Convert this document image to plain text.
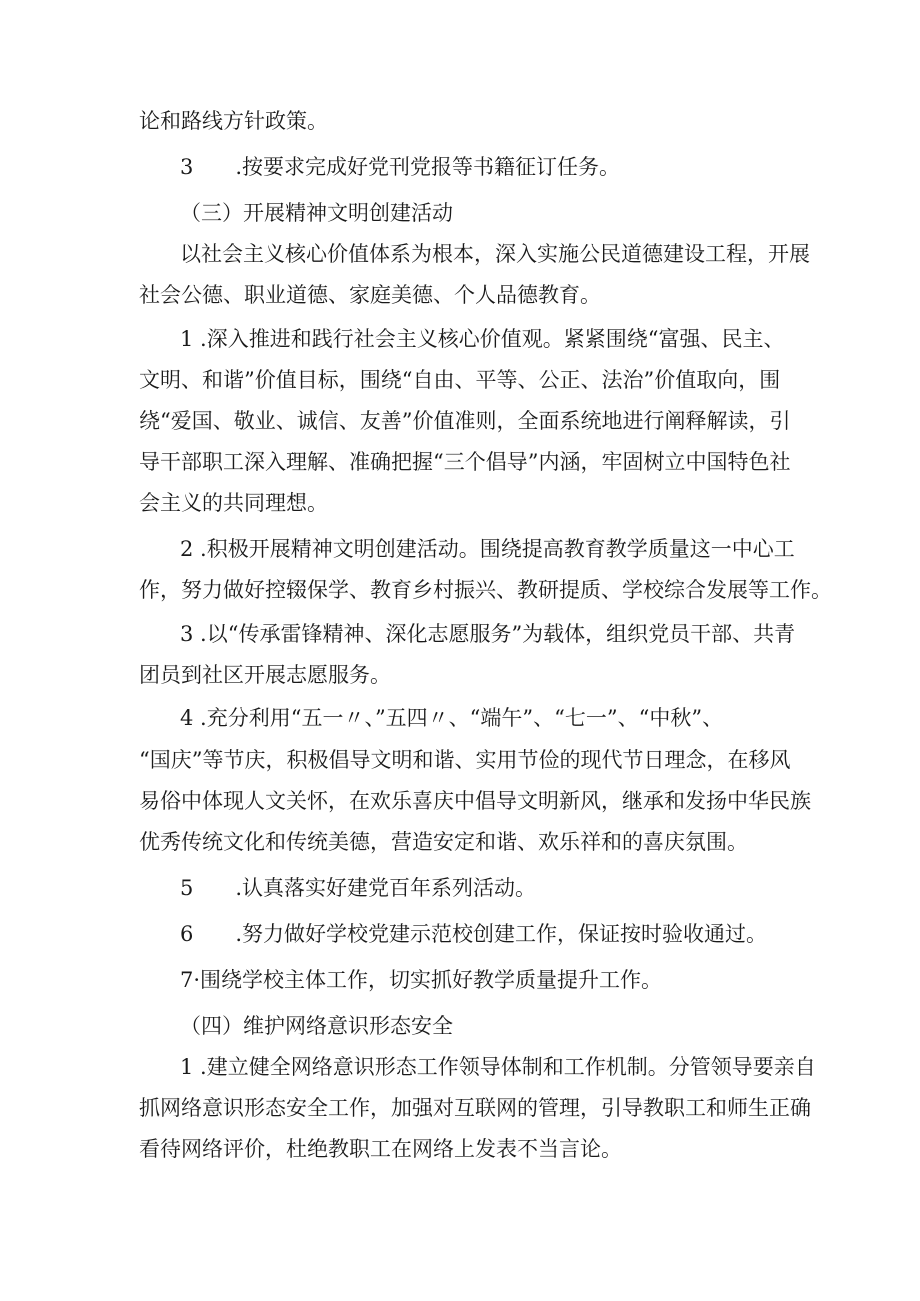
论和路线方针政策。

3　　.按要求完成好党刊党报等书籍征订任务。

（三）开展精神文明创建活动

以社会主义核心价值体系为根本，深入实施公民道德建设工程，开展

社会公德、职业道德、家庭美德、个人品德教育。

1 .深入推进和践行社会主义核心价值观。紧紧围绕“富强、民主、

文明、和谐”价值目标，围绕“自由、平等、公正、法治”价值取向，围

绕“爱国、敬业、诚信、友善”价值准则，全面系统地进行阐释解读，引

导干部职工深入理解、准确把握“三个倡导”内涵，牢固树立中国特色社

会主义的共同理想。

2 .积极开展精神文明创建活动。围绕提高教育教学质量这一中心工

作，努力做好控辍保学、教育乡村振兴、教研提质、学校综合发展等工作。

3 .以“传承雷锋精神、深化志愿服务”为载体，组织党员干部、共青

团员到社区开展志愿服务。

4 .充分利用“五一〃、”五四〃、“端午”、“七一”、“中秋”、

“国庆”等节庆，积极倡导文明和谐、实用节俭的现代节日理念，在移风

易俗中体现人文关怀，在欢乐喜庆中倡导文明新风，继承和发扬中华民族

优秀传统文化和传统美德，营造安定和谐、欢乐祥和的喜庆氛围。

5　　.认真落实好建党百年系列活动。

6　　.努力做好学校党建示范校创建工作，保证按时验收通过。

7·围绕学校主体工作，切实抓好教学质量提升工作。

（四）维护网络意识形态安全

1 .建立健全网络意识形态工作领导体制和工作机制。分管领导要亲自

抓网络意识形态安全工作，加强对互联网的管理，引导教职工和师生正确

看待网络评价，杜绝教职工在网络上发表不当言论。
